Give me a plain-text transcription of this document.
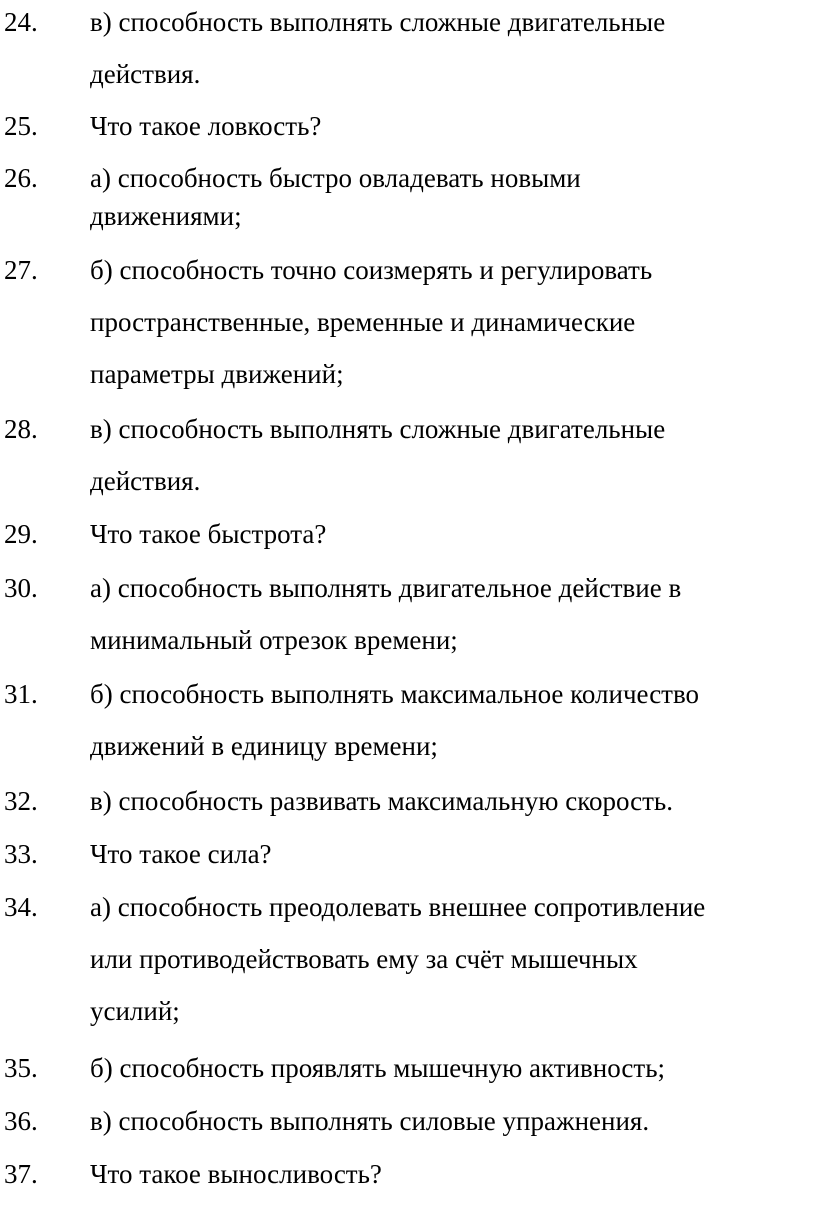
24. в) способность выполнять сложные двигательные
действия.
25. Что такое ловкость?
26. а) способность быстро овладевать новыми
движениями;
27. б) способность точно соизмерять и регулировать
пространственные, временные и динамические
параметры движений;
28. в) способность выполнять сложные двигательные
действия.
29. Что такое быстрота?
30. а) способность выполнять двигательное действие в
минимальный отрезок времени;
31. б) способность выполнять максимальное количество
движений в единицу времени;
32. в) способность развивать максимальную скорость.
33. Что такое сила?
34. а) способность преодолевать внешнее сопротивление
или противодействовать ему за счёт мышечных
усилий;
35. б) способность проявлять мышечную активность;
36. в) способность выполнять силовые упражнения.
37. Что такое выносливость?
